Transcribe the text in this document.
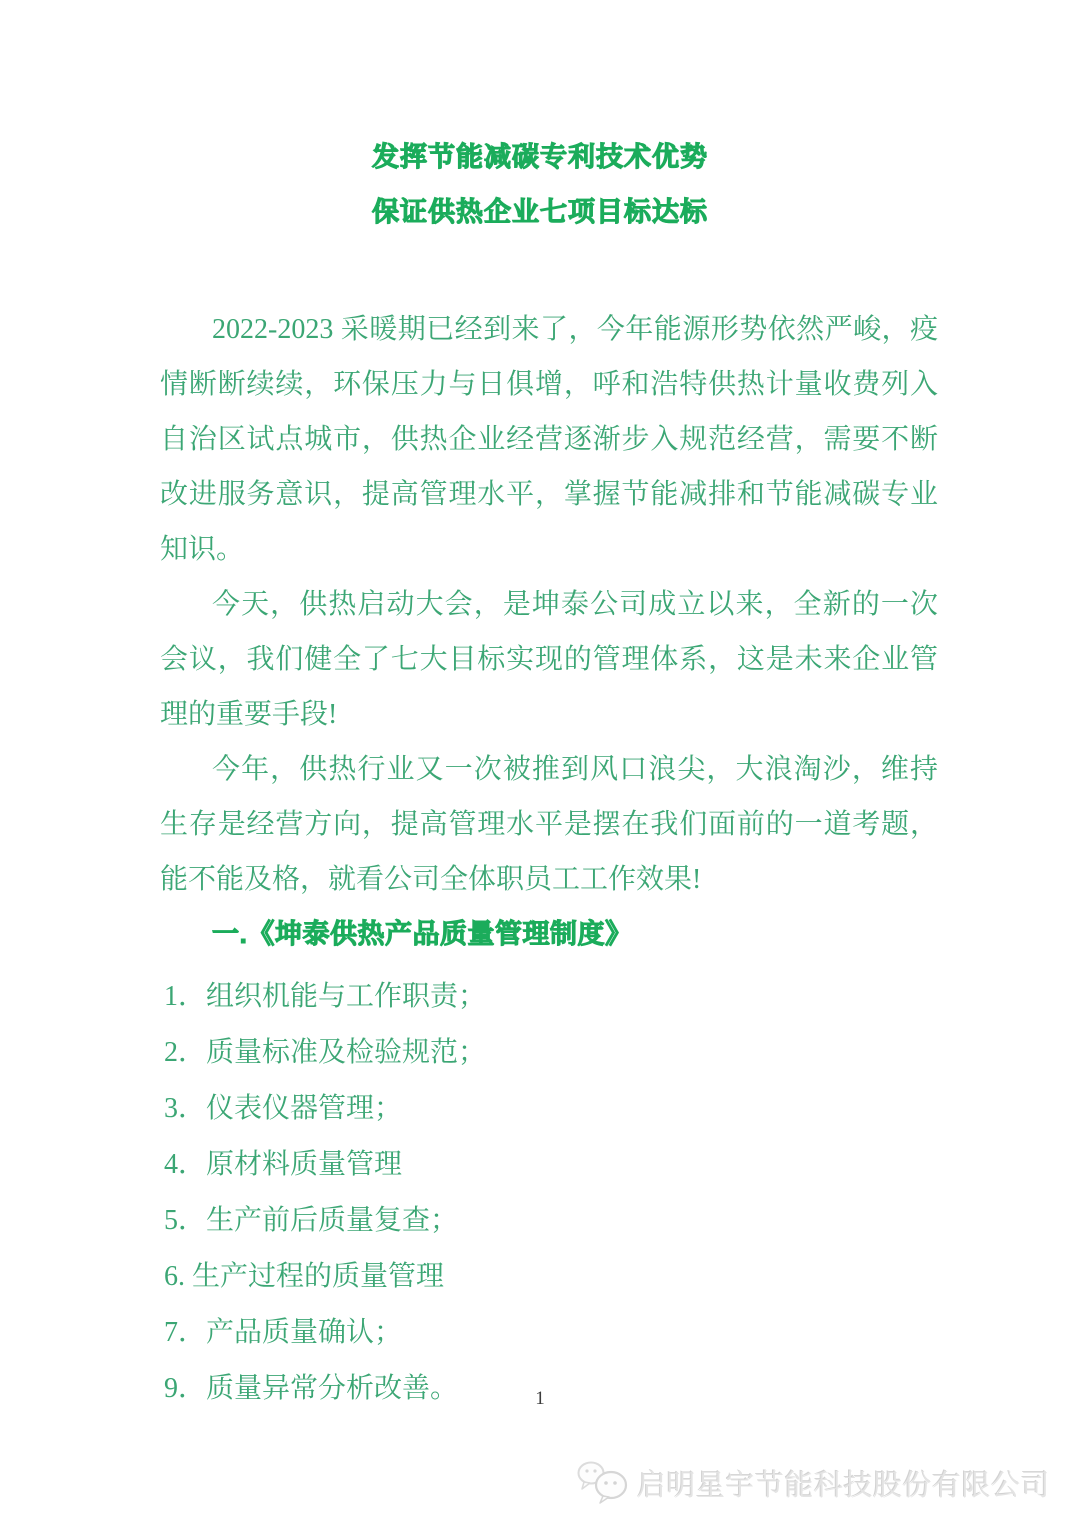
发挥节能减碳专利技术优势
保证供热企业七项目标达标

2022-2023 采暖期已经到来了，今年能源形势依然严峻，疫情断断续续，环保压力与日俱增，呼和浩特供热计量收费列入自治区试点城市，供热企业经营逐渐步入规范经营，需要不断改进服务意识，提高管理水平，掌握节能减排和节能减碳专业知识。

今天，供热启动大会，是坤泰公司成立以来，全新的一次会议，我们健全了七大目标实现的管理体系，这是未来企业管理的重要手段!

今年，供热行业又一次被推到风口浪尖，大浪淘沙，维持生存是经营方向，提高管理水平是摆在我们面前的一道考题，能不能及格，就看公司全体职员工工作效果!

一.《坤泰供热产品质量管理制度》

1．组织机能与工作职责；
2．质量标准及检验规范；
3．仪表仪器管理；
4．原材料质量管理
5．生产前后质量复查；
6. 生产过程的质量管理
7．产品质量确认；
9．质量异常分析改善。	1
启明星宇节能科技股份有限公司
